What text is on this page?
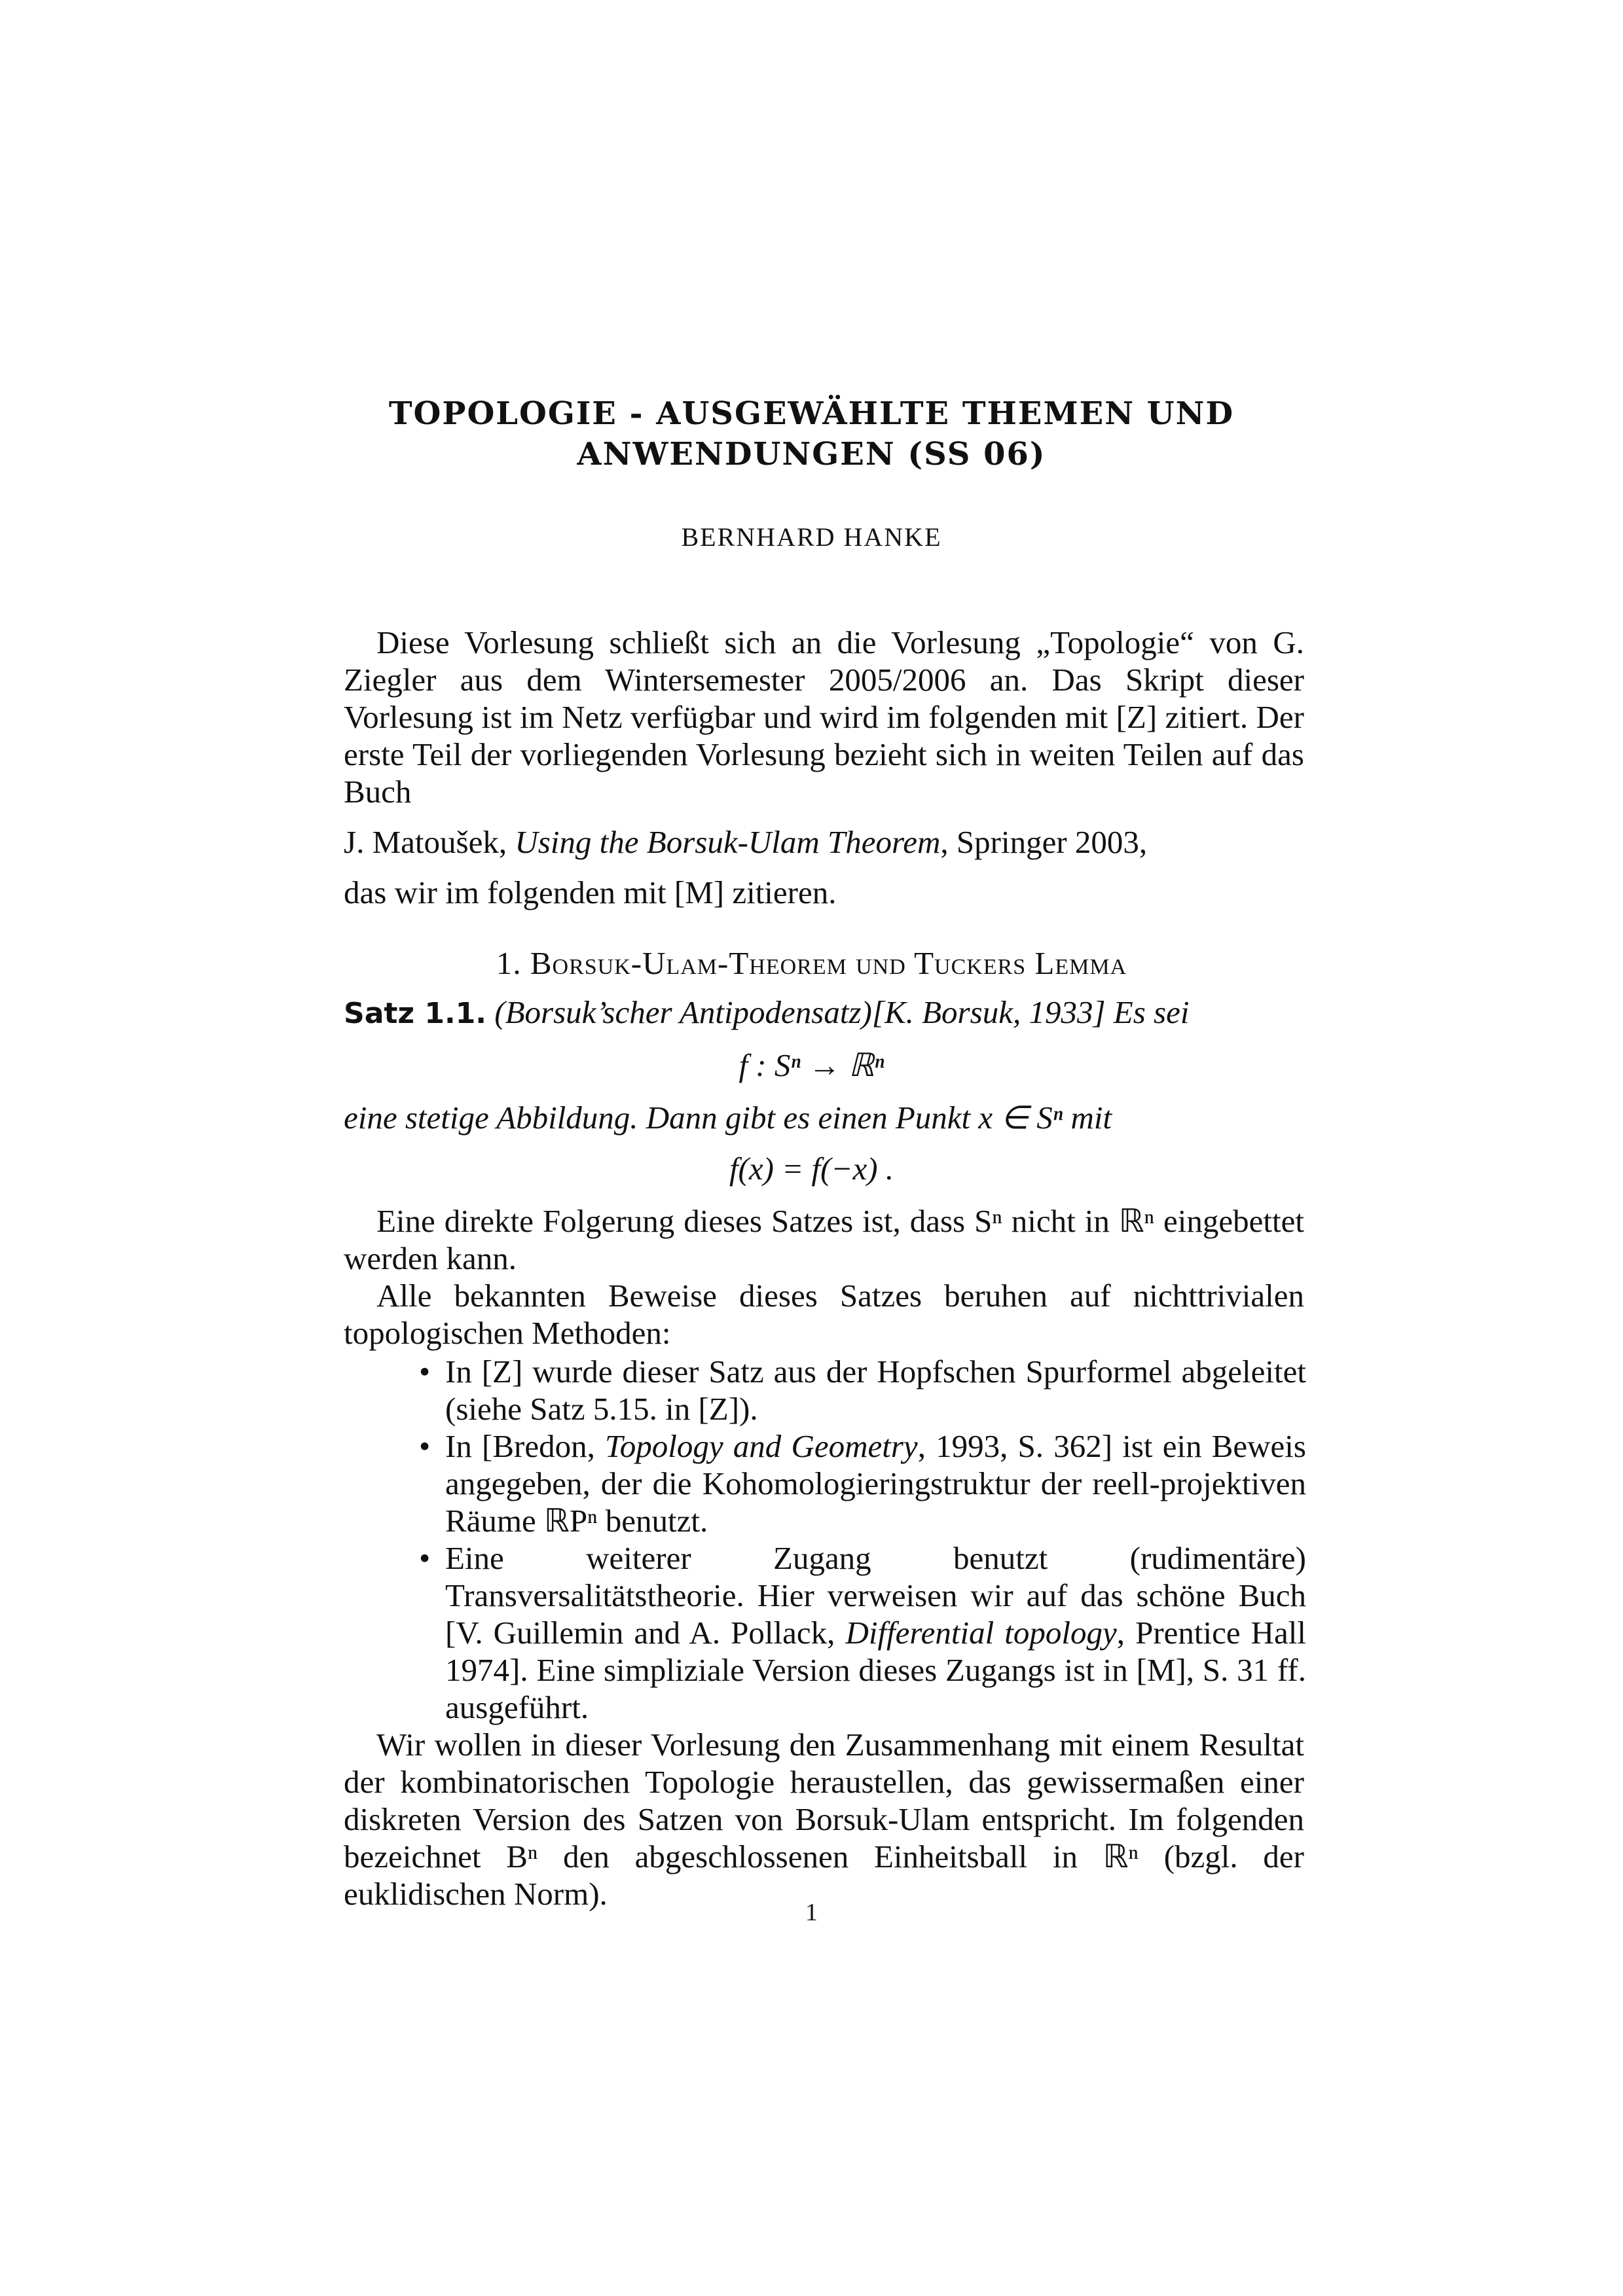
TOPOLOGIE - AUSGEWÄHLTE THEMEN UND
ANWENDUNGEN (SS 06)
BERNHARD HANKE

Diese Vorlesung schließt sich an die Vorlesung „Topologie“ von G. Ziegler aus dem Wintersemester 2005/2006 an. Das Skript dieser Vorlesung ist im Netz verfügbar und wird im folgenden mit [Z] zitiert. Der erste Teil der vorliegenden Vorlesung bezieht sich in weiten Teilen auf das Buch

J. Matoušek, Using the Borsuk-Ulam Theorem, Springer 2003,
das wir im folgenden mit [M] zitieren.
1. Borsuk-Ulam-Theorem und Tuckers Lemma
Satz 1.1. (Borsuk’scher Antipodensatz)[K. Borsuk, 1933] Es sei
f : Sⁿ → ℝⁿ
eine stetige Abbildung. Dann gibt es einen Punkt x ∈ Sⁿ mit
f(x) = f(−x) .

Eine direkte Folgerung dieses Satzes ist, dass Sⁿ nicht in ℝⁿ eingebettet werden kann.

Alle bekannten Beweise dieses Satzes beruhen auf nichttrivialen topologischen Methoden:

• In [Z] wurde dieser Satz aus der Hopfschen Spurformel abgeleitet (siehe Satz 5.15. in [Z]).
• In [Bredon, Topology and Geometry, 1993, S. 362] ist ein Beweis angegeben, der die Kohomologieringstruktur der reell-projektiven Räume ℝPⁿ benutzt.
• Eine weiterer Zugang benutzt (rudimentäre) Transversalitätstheorie. Hier verweisen wir auf das schöne Buch [V. Guillemin and A. Pollack, Differential topology, Prentice Hall 1974]. Eine simpliziale Version dieses Zugangs ist in [M], S. 31 ff. ausgeführt.

Wir wollen in dieser Vorlesung den Zusammenhang mit einem Resultat der kombinatorischen Topologie heraustellen, das gewissermaßen einer diskreten Version des Satzen von Borsuk-Ulam entspricht. Im folgenden bezeichnet Bⁿ den abgeschlossenen Einheitsball in ℝⁿ (bzgl. der euklidischen Norm).

1
